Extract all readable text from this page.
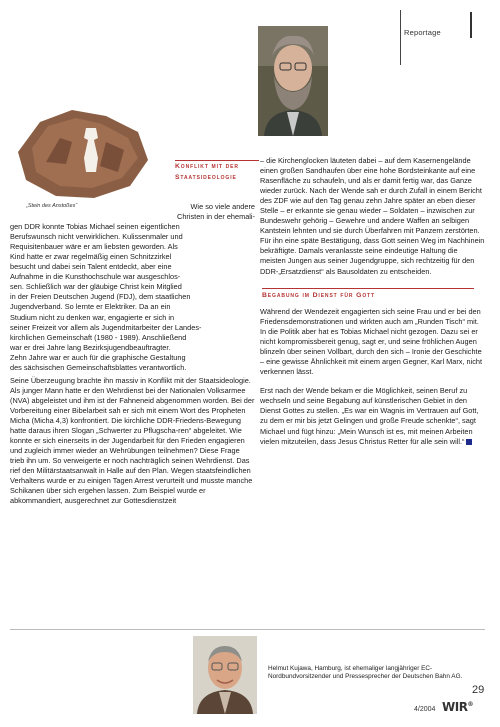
Reportage
„Stein des Anstoßes“
Konflikt mit der Staatsideologie

Wie so viele andere

Christen in der ehemali-

gen DDR konnte Tobias Michael seinen eigentlichen

Berufswunsch nicht verwirklichen. Kulissenmaler und

Requisitenbauer wäre er am liebsten geworden. Als

Kind hatte er zwar regelmäßig einen Schnitzzirkel

besucht und dabei sein Talent entdeckt, aber eine

Aufnahme in die Kunsthochschule war ausgeschlos-

sen. Schließlich war der gläubige Christ kein Mitglied

in der Freien Deutschen Jugend (FDJ), dem staatlichen

Jugendverband. So lernte er Elektriker. Da an ein

Studium nicht zu denken war, engagierte er sich in

seiner Freizeit vor allem als Jugendmitarbeiter der Landes-

kirchlichen Gemeinschaft (1980 - 1989). Anschließend

war er drei Jahre lang Bezirksjugendbeauftragter.

Zehn Jahre war er auch für die graphische Gestaltung

des sächsischen Gemeinschaftsblattes verantwortlich.

Seine Überzeugung brachte ihn massiv in Konflikt mit der Staatsideologie. Als junger Mann hatte er den Wehrdienst bei der Nationalen Volksarmee (NVA) abgeleistet und ihm ist der Fahneneid abgenommen worden. Bei der Vorbereitung einer Bibelarbeit sah er sich mit einem Wort des Propheten Micha (Micha 4,3) konfrontiert. Die kirchliche DDR-Friedens-Bewegung hatte daraus ihren Slogan „Schwerter zu Pflugscha-ren“ abgeleitet. Wie konnte er sich einerseits in der Jugendarbeit für den Frieden engagieren und zugleich immer wieder an Wehrübungen teilnehmen? Diese Frage trieb ihn um. So verweigerte er noch nachträglich seinen Wehrdienst. Das rief den Militärstaatsanwalt in Halle auf den Plan. Wegen staatsfeindlichen Verhaltens wurde er zu einigen Tagen Arrest verurteilt und musste manche Schikanen über sich ergehen lassen. Zum Beispiel wurde er abkommandiert, ausgerechnet zur Gottesdienstzeit

– die Kirchenglocken läuteten dabei – auf dem Kasernengelände einen großen Sandhaufen über eine hohe Bordsteinkante auf eine Rasenfläche zu schaufeln, und als er damit fertig war, das Ganze wieder zurück. Nach der Wende sah er durch Zufall in einem Bericht des ZDF wie auf den Tag genau zehn Jahre später an eben dieser Stelle – er erkannte sie genau wieder – Soldaten – inzwischen zur Bundeswehr gehörig – Gewehre und andere Waffen an selbigen Kantstein lehnten und sie durch Überfahren mit Panzern zerstörten. Für ihn eine späte Bestätigung, dass Gott seinen Weg im Nachhinein bekräftigte. Damals veranlasste seine eindeutige Haltung die meisten Jungen aus seiner Jugendgruppe, sich rechtzeitig für den DDR-„Ersatzdienst“ als Bausoldaten zu entscheiden.

Begabung im Dienst für Gott

Während der Wendezeit engagierten sich seine Frau und er bei den Friedensdemonstrationen und wirkten auch am „Runden Tisch“ mit. In die Politik aber hat es Tobias Michael nicht gezogen. Dazu sei er nicht kompromissbereit genug, sagt er, und seine fröhlichen Augen blinzeln über seinen Vollbart, durch den sich – Ironie der Geschichte – eine gewisse Ähnlichkeit mit einem argen Gegner, Karl Marx, nicht verkennen lässt.

Erst nach der Wende bekam er die Möglichkeit, seinen Beruf zu wechseln und seine Begabung auf künstlerischen Gebiet in den Dienst Gottes zu stellen. „Es war ein Wagnis im Vertrauen auf Gott, zu dem er mir bis jetzt Gelingen und große Freude schenkte“, sagt Michael und fügt hinzu: „Mein Wunsch ist es, mit meinen Arbeiten vielen mitzuteilen, dass Jesus Christus Retter für alle sein will.“

Helmut Kujawa, Hamburg, ist ehemaliger langjähriger EC-Nordbundvorsitzender und Pressesprecher der Deutschen Bahn AG.
29
4/2004 WIR®
